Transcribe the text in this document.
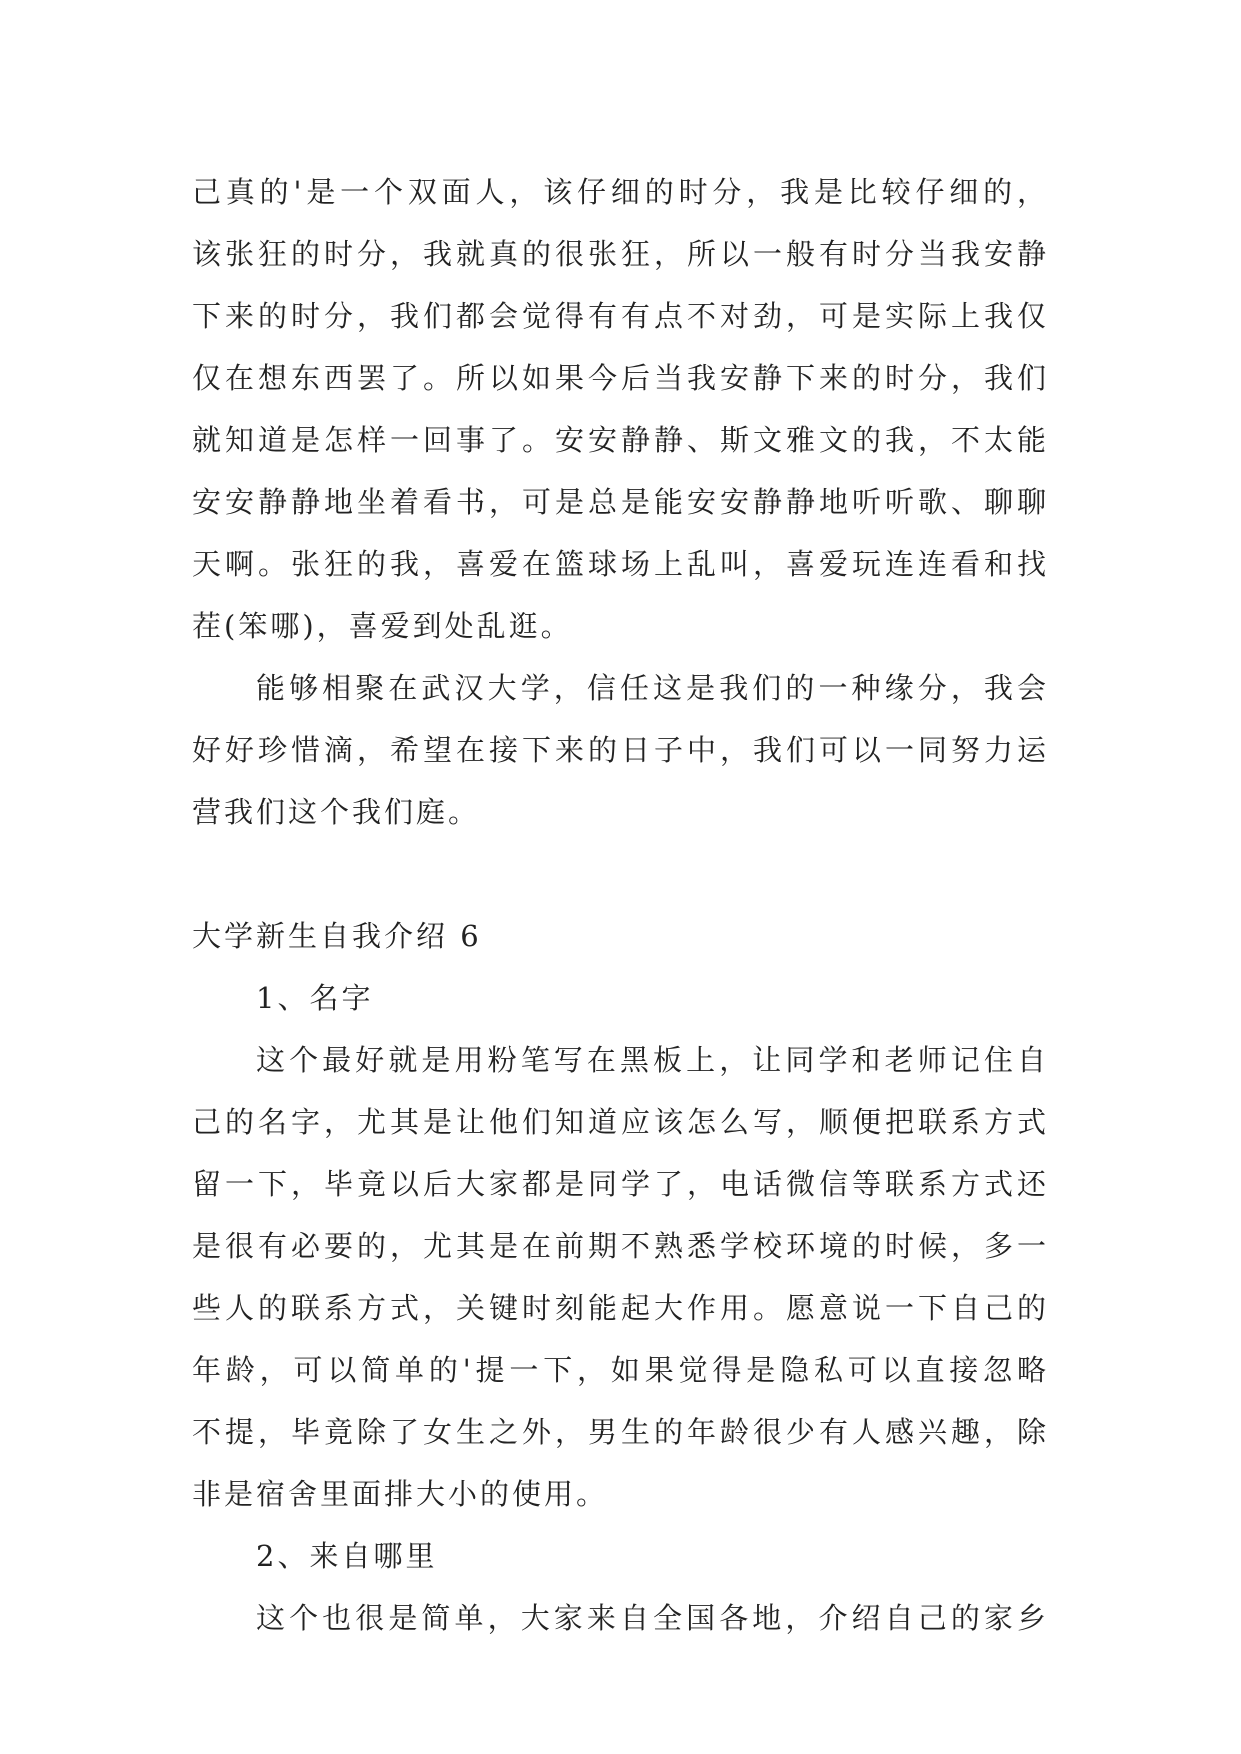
己真的'是一个双面人，该仔细的时分，我是比较仔细的，
该张狂的时分，我就真的很张狂，所以一般有时分当我安静
下来的时分，我们都会觉得有有点不对劲，可是实际上我仅
仅在想东西罢了。所以如果今后当我安静下来的时分，我们
就知道是怎样一回事了。安安静静、斯文雅文的我，不太能
安安静静地坐着看书，可是总是能安安静静地听听歌、聊聊
天啊。张狂的我，喜爱在篮球场上乱叫，喜爱玩连连看和找
茬(笨哪)，喜爱到处乱逛。
能够相聚在武汉大学，信任这是我们的一种缘分，我会
好好珍惜滴，希望在接下来的日子中，我们可以一同努力运
营我们这个我们庭。
大学新生自我介绍 6
1、名字
这个最好就是用粉笔写在黑板上，让同学和老师记住自
己的名字，尤其是让他们知道应该怎么写，顺便把联系方式
留一下，毕竟以后大家都是同学了，电话微信等联系方式还
是很有必要的，尤其是在前期不熟悉学校环境的时候，多一
些人的联系方式，关键时刻能起大作用。愿意说一下自己的
年龄，可以简单的'提一下，如果觉得是隐私可以直接忽略
不提，毕竟除了女生之外，男生的年龄很少有人感兴趣，除
非是宿舍里面排大小的使用。
2、来自哪里
这个也很是简单，大家来自全国各地，介绍自己的家乡
